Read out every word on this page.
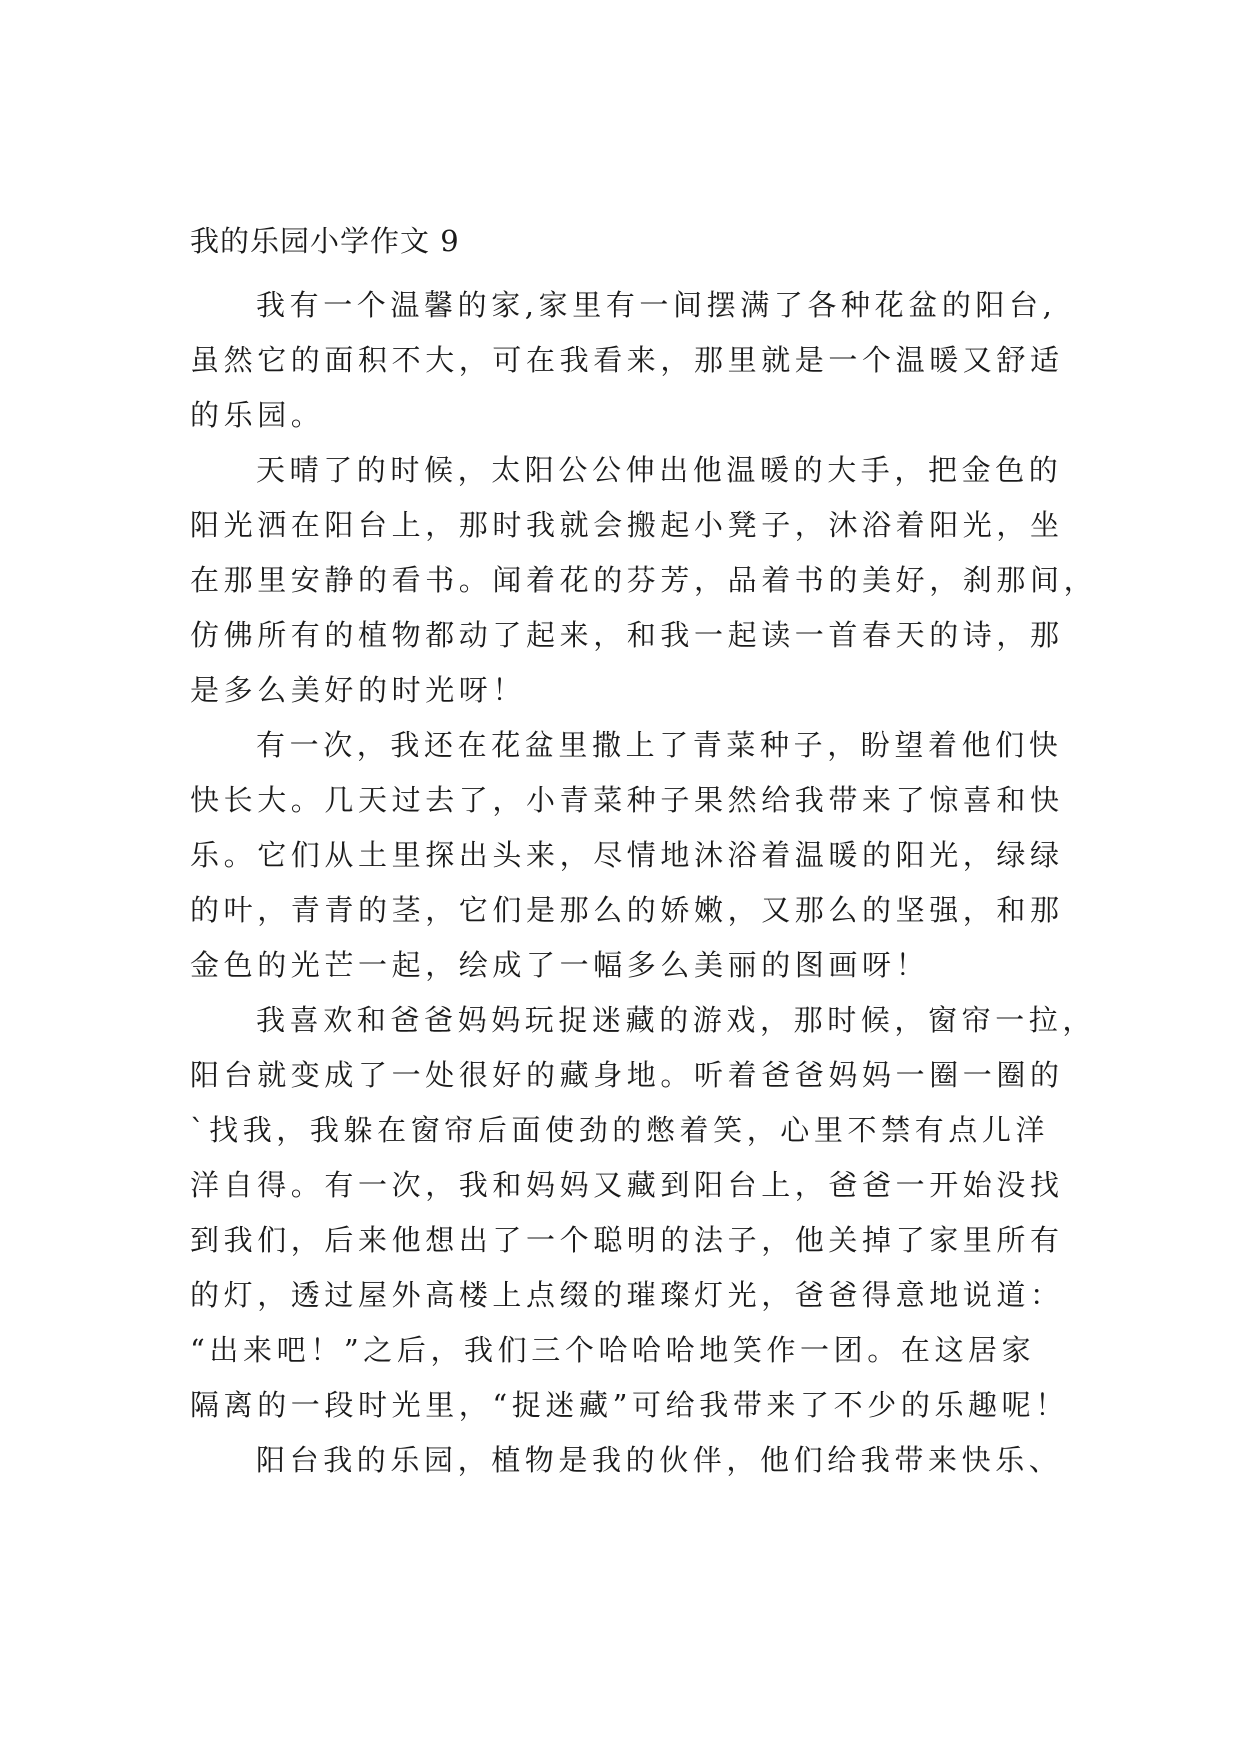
我的乐园小学作文 9
我有一个温馨的家,家里有一间摆满了各种花盆的阳台,
虽然它的面积不大，可在我看来，那里就是一个温暖又舒适
的乐园。
天晴了的时候，太阳公公伸出他温暖的大手，把金色的
阳光洒在阳台上，那时我就会搬起小凳子，沐浴着阳光，坐
在那里安静的看书。闻着花的芬芳，品着书的美好，刹那间，
仿佛所有的植物都动了起来，和我一起读一首春天的诗，那
是多么美好的时光呀！
有一次，我还在花盆里撒上了青菜种子，盼望着他们快
快长大。几天过去了，小青菜种子果然给我带来了惊喜和快
乐。它们从土里探出头来，尽情地沐浴着温暖的阳光，绿绿
的叶，青青的茎，它们是那么的娇嫩，又那么的坚强，和那
金色的光芒一起，绘成了一幅多么美丽的图画呀！
我喜欢和爸爸妈妈玩捉迷藏的游戏，那时候，窗帘一拉，
阳台就变成了一处很好的藏身地。听着爸爸妈妈一圈一圈的
`找我，我躲在窗帘后面使劲的憋着笑，心里不禁有点儿洋
洋自得。有一次，我和妈妈又藏到阳台上，爸爸一开始没找
到我们，后来他想出了一个聪明的法子，他关掉了家里所有
的灯，透过屋外高楼上点缀的璀璨灯光，爸爸得意地说道：
“出来吧！”之后，我们三个哈哈哈地笑作一团。在这居家
隔离的一段时光里，“捉迷藏”可给我带来了不少的乐趣呢！
阳台我的乐园，植物是我的伙伴，他们给我带来快乐、
